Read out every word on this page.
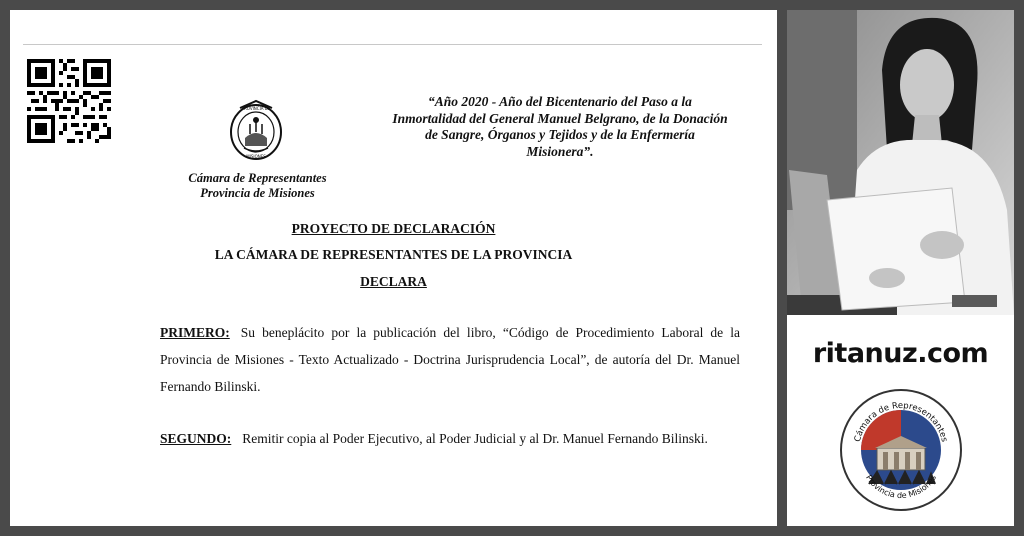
PROVINCIA DE
MISIONES
Cámara de Representantes
Provincia de Misiones
“Año 2020 - Año del Bicentenario del Paso a la Inmortalidad del General Manuel Belgrano, de la Donación de Sangre, Órganos y Tejidos y de la Enfermería Misionera”.
PROYECTO DE DECLARACIÓN
LA CÁMARA DE REPRESENTANTES DE LA PROVINCIA
DECLARA
PRIMERO: Su beneplácito por la publicación del libro, “Código de Procedimiento Laboral de la Provincia de Misiones - Texto Actualizado - Doctrina Jurisprudencia Local”, de autoría del Dr. Manuel Fernando Bilinski.
SEGUNDO: Remitir copia al Poder Ejecutivo, al Poder Judicial y al Dr. Manuel Fernando Bilinski.
ritanuz.com
Cámara de Representantes
Provincia de Misiones
